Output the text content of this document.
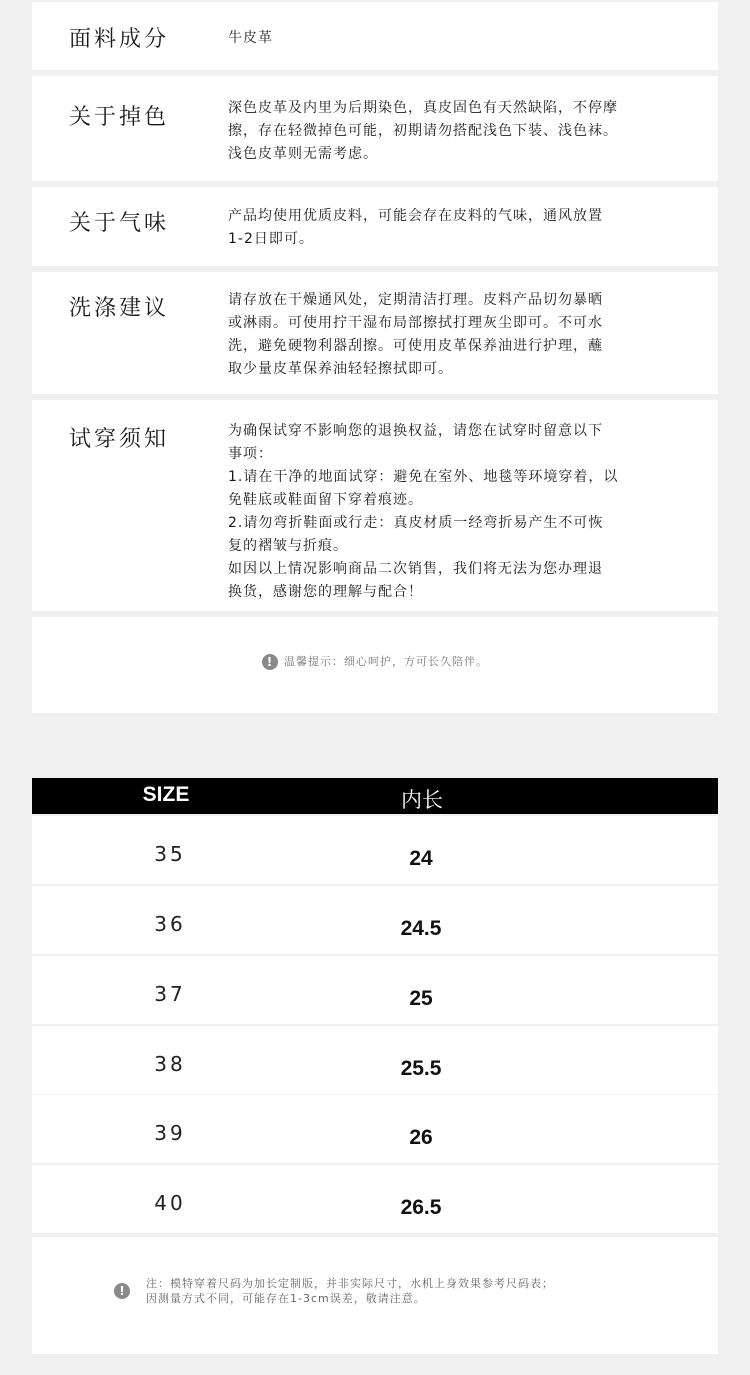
面料成分	牛皮革
关于掉色	深色皮革及内里为后期染色，真皮固色有天然缺陷，不停摩
擦，存在轻微掉色可能，初期请勿搭配浅色下装、浅色袜。
浅色皮革则无需考虑。
关于气味	产品均使用优质皮料，可能会存在皮料的气味，通风放置
1-2日即可。
洗涤建议	请存放在干燥通风处，定期清洁打理。皮料产品切勿暴晒
或淋雨。可使用拧干湿布局部擦拭打理灰尘即可。不可水
洗，避免硬物利器刮擦。可使用皮革保养油进行护理，蘸
取少量皮革保养油轻轻擦拭即可。
试穿须知	为确保试穿不影响您的退换权益，请您在试穿时留意以下
事项：
1.请在干净的地面试穿：避免在室外、地毯等环境穿着，以
免鞋底或鞋面留下穿着痕迹。
2.请勿弯折鞋面或行走：真皮材质一经弯折易产生不可恢
复的褶皱与折痕。
如因以上情况影响商品二次销售，我们将无法为您办理退
换货，感谢您的理解与配合！
! 温馨提示：细心呵护，方可长久陪伴。
SIZE	内长
35	24
36	24.5
37	25
38	25.5
39	26
40	26.5
!
注：模特穿着尺码为加长定制版，并非实际尺寸，水机上身效果参考尺码表；
因测量方式不同，可能存在1-3cm误差，敬请注意。
